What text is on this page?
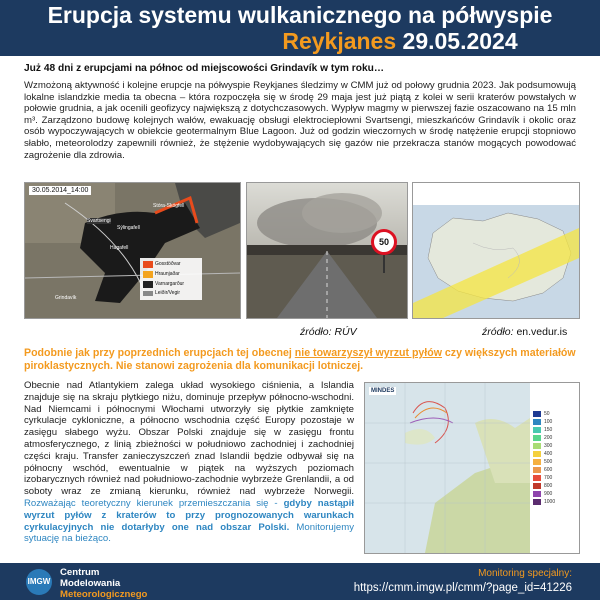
Erupcja systemu wulkanicznego na półwyspie
Reykjanes 29.05.2024
Już 48 dni z erupcjami na północ od miejscowości Grindavík w tym roku…
Wzmożoną aktywność i kolejne erupcje na półwyspie Reykjanes śledzimy w CMM już od połowy grudnia 2023. Jak podsumowują lokalne islandzkie media ta obecna – która rozpoczęła się w środę 29 maja jest już piątą z kolei w serii kraterów powstałych w połowie grudnia, a jak ocenili geofizycy największą z dotychczasowych. Wypływ magmy w pierwszej fazie oszacowano na 15 mln m³. Zarządzono budowę kolejnych wałów, ewakuację obsługi elektrociepłowni Svartsengi, mieszkańców Grindavík i okolic oraz osób wypoczywających w obiekcie geotermalnym Blue Lagoon. Już od godzin wieczornych w środę natężenie erupcji stopniowo słabło, meteorolodzy zapewnili również, że stężenie wydobywających się gazów nie przekracza stanów mogących powodować zagrożenie dla zdrowia.
30.05.2014_14:00
Stóra-Skógfell
Svartsengi
Sýlingafell
Hagafell
Grindavík
Gosstöðvar
Hraunjaðar
Varnargarður
Leiðir/Vegir
50
źródło: RÚV	źródło: en.vedur.is
Podobnie jak przy poprzednich erupcjach tej obecnej nie towarzyszył wyrzut pyłów czy większych materiałów piroklastycznych. Nie stanowi zagrożenia dla komunikacji lotniczej.
Obecnie nad Atlantykiem zalega układ wysokiego ciśnienia, a Islandia znajduje się na skraju płytkiego niżu, dominuje przepływ północno-wschodni. Nad Niemcami i północnymi Włochami utworzyły się płytkie zamknięte cyrkulacje cykloniczne, a północno wschodnia część Europy pozostaje w zasięgu słabego wyżu. Obszar Polski znajduje się w zasięgu frontu atmosferycznego, z linią zbieżności w południowo zachodniej i zachodniej części kraju. Transfer zanieczyszczeń znad Islandii będzie odbywał się na północny wschód, ewentualnie w piątek na wyższych poziomach izobarycznych również nad południowo-zachodnie wybrzeże Grenlandii, a od soboty wraz ze zmianą kierunku, również nad wybrzeże Norwegii. Rozważając teoretyczny kierunek przemieszczania się - gdyby nastąpił wyrzut pyłów z kraterów to przy prognozowanych warunkach cyrkulacyjnych nie dotarłyby one nad obszar Polski. Monitorujemy sytuację na bieżąco.
MINDES
50
100
150
200
300
400
500
600
700
800
900
1000
IMGW
Centrum
Modelowania
Meteorologicznego
Monitoring specjalny:
https://cmm.imgw.pl/cmm/?page_id=41226
